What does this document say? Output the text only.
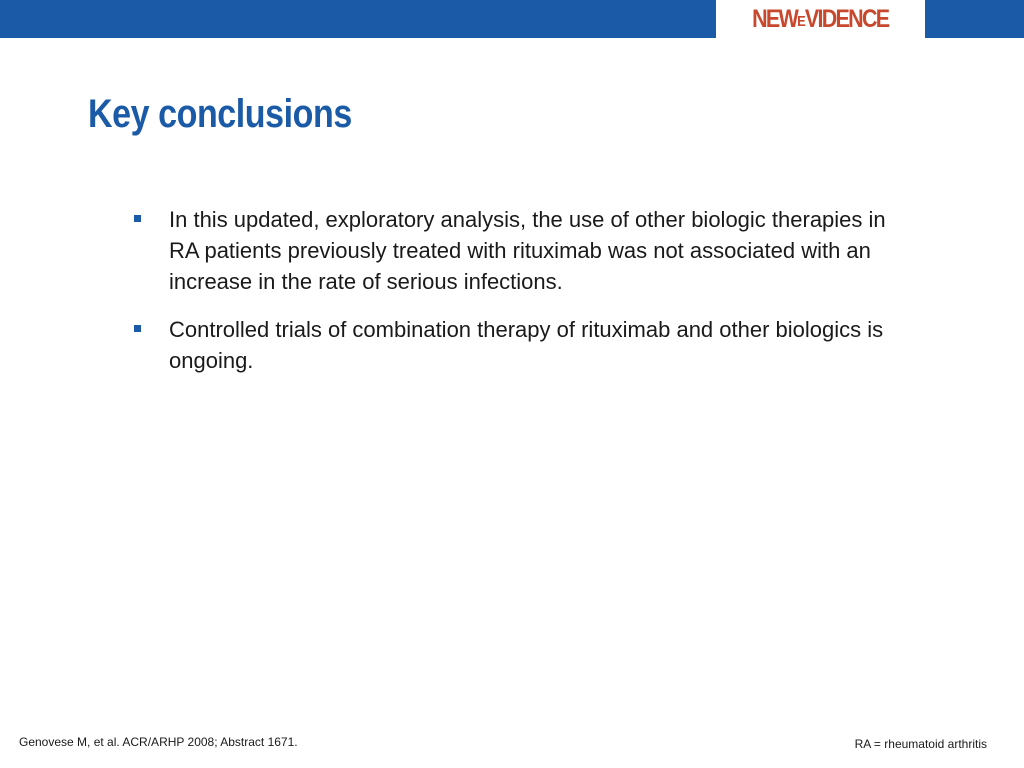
NEWEVIDENCE
Key conclusions
In this updated, exploratory analysis, the use of other biologic therapies in RA patients previously treated with rituximab was not associated with an increase in the rate of serious infections.
Controlled trials of combination therapy of rituximab and other biologics is ongoing.
Genovese M, et al. ACR/ARHP 2008; Abstract 1671.	RA = rheumatoid arthritis
